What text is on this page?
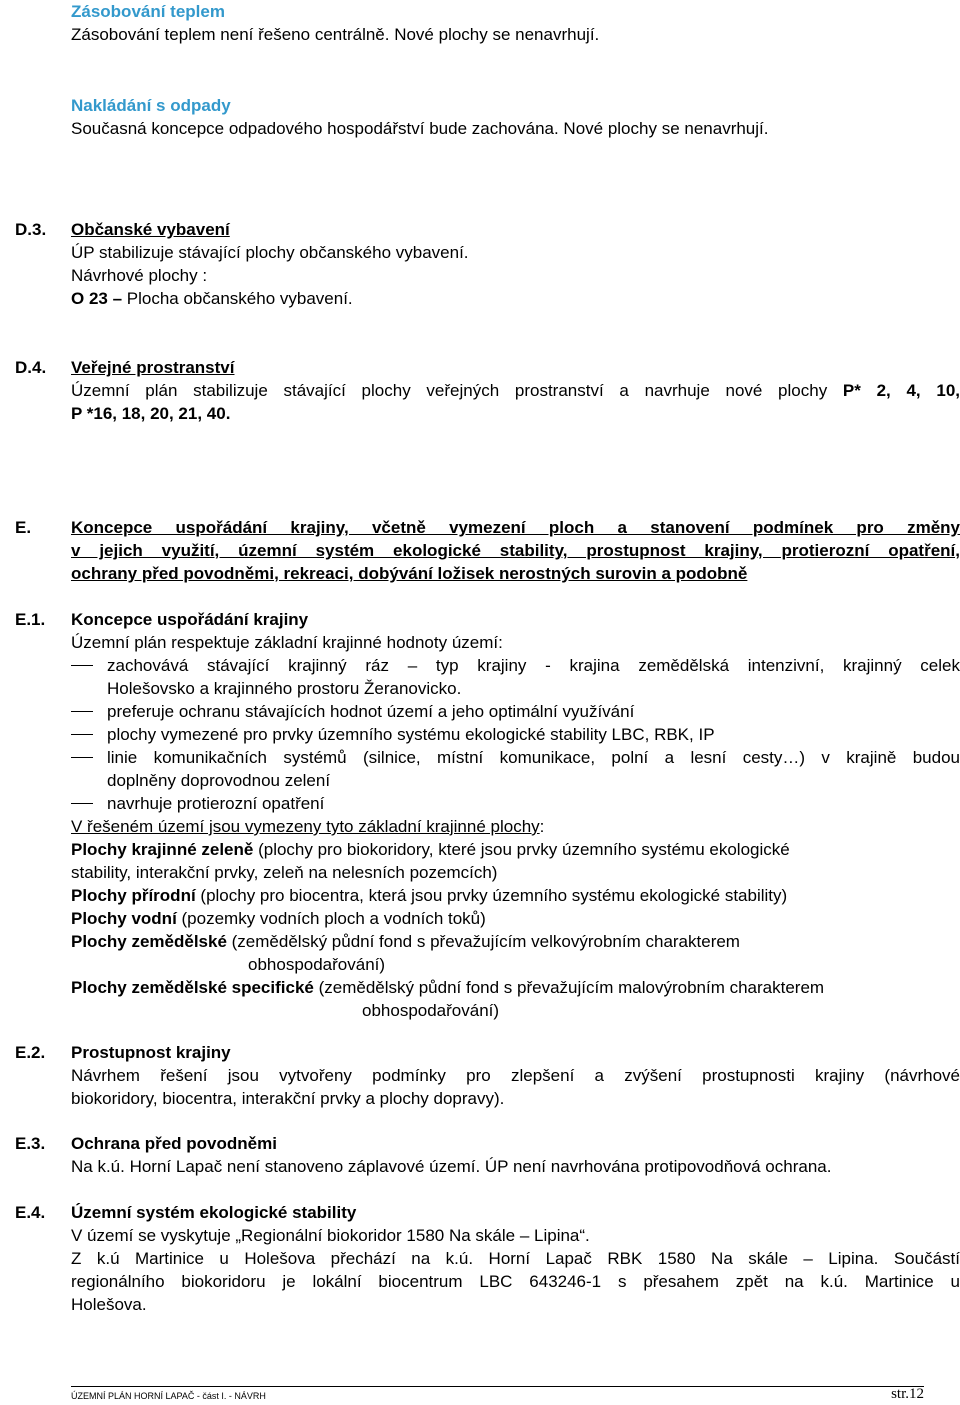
Zásobování teplem
Zásobování teplem není řešeno centrálně. Nové plochy se nenavrhují.
Nakládání s odpady
Současná koncepce odpadového hospodářství bude zachována. Nové plochy se nenavrhují.
D.3. Občanské vybavení
ÚP stabilizuje stávající plochy občanského vybavení.
Návrhové plochy :
O 23 – Plocha občanského vybavení.
D.4. Veřejné prostranství
Územní plán stabilizuje stávající plochy veřejných prostranství a navrhuje nové plochy P* 2, 4, 10,
P *16, 18, 20, 21, 40.
E. Koncepce uspořádání krajiny, včetně vymezení ploch a stanovení podmínek pro změny
v jejich využití, územní systém ekologické stability, prostupnost krajiny, protierozní opatření,
ochrany před povodněmi, rekreaci, dobývání ložisek nerostných surovin a podobně
E.1. Koncepce uspořádání krajiny
Územní plán respektuje základní krajinné hodnoty území:
zachovává stávající krajinný ráz – typ krajiny - krajina zemědělská intenzivní, krajinný celek
Holešovsko a krajinného prostoru Žeranovicko.
preferuje ochranu stávajících hodnot území a jeho optimální využívání
plochy vymezené pro prvky územního systému ekologické stability LBC, RBK, IP
linie komunikačních systémů (silnice, místní komunikace, polní a lesní cesty…) v krajině budou
doplněny doprovodnou zelení
navrhuje protierozní opatření
V řešeném území jsou vymezeny tyto základní krajinné plochy:
Plochy krajinné zeleně (plochy pro biokoridory, které jsou prvky územního systému ekologické
stability, interakční prvky, zeleň na nelesních pozemcích)
Plochy přírodní (plochy pro biocentra, která jsou prvky územního systému ekologické stability)
Plochy vodní (pozemky vodních ploch a vodních toků)
Plochy zemědělské (zemědělský půdní fond s převažujícím velkovýrobním charakterem
obhospodařování)
Plochy zemědělské specifické (zemědělský půdní fond s převažujícím malovýrobním charakterem
obhospodařování)
E.2. Prostupnost krajiny
Návrhem řešení jsou vytvořeny podmínky pro zlepšení a zvýšení prostupnosti krajiny (návrhové
biokoridory, biocentra, interakční prvky a plochy dopravy).
E.3. Ochrana před povodněmi
Na k.ú. Horní Lapač není stanoveno záplavové území. ÚP není navrhována protipovodňová ochrana.
E.4. Územní systém ekologické stability
V území se vyskytuje „Regionální biokoridor 1580 Na skále – Lipina“.
Z k.ú Martinice u Holešova přechází na k.ú. Horní Lapač RBK 1580 Na skále – Lipina. Součástí
regionálního biokoridoru je lokální biocentrum LBC 643246-1 s přesahem zpět na k.ú. Martinice u
Holešova.
ÚZEMNÍ PLÁN HORNÍ LAPAČ - část I. - NÁVRH	str.12
